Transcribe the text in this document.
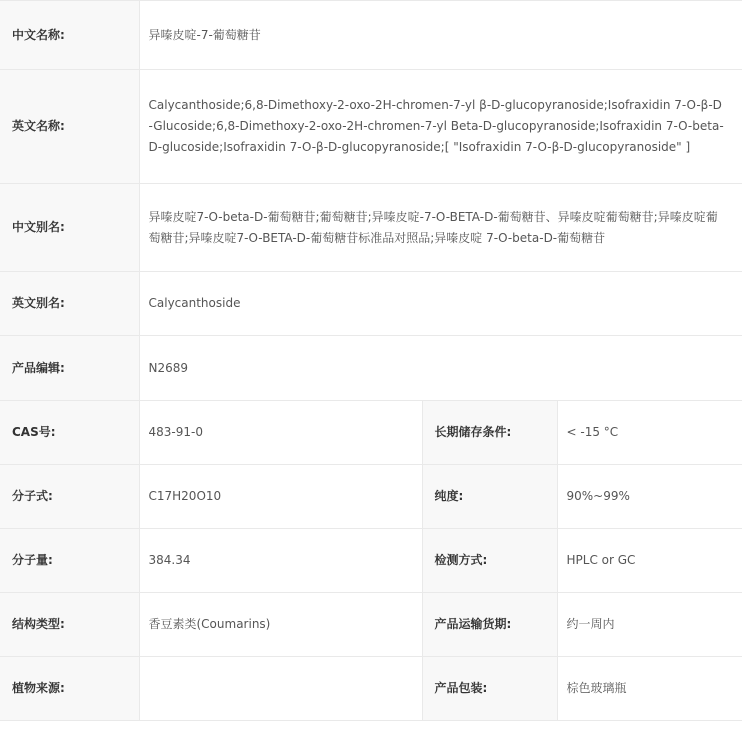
中文名称:	异嗪皮啶-7-葡萄糖苷		
英文名称:	Calycanthoside;6,8-Dimethoxy-2-oxo-2H-chromen-7-yl β-D-glucopyranoside;Isofraxidin 7-O-β-D-Glucoside;6,8-Dimethoxy-2-oxo-2H-chromen-7-yl Beta-D-glucopyranoside;Isofraxidin 7-O-beta-D-glucoside;Isofraxidin 7-O-β-D-glucopyranoside;[ "Isofraxidin 7-O-β-D-glucopyranoside" ]		
中文别名:	异嗪皮啶7-O-beta-D-葡萄糖苷;葡萄糖苷;异嗪皮啶-7-O-BETA-D-葡萄糖苷、异嗪皮啶葡萄糖苷;异嗪皮啶葡萄糖苷;异嗪皮啶7-O-BETA-D-葡萄糖苷标准品对照品;异嗪皮啶 7-O-beta-D-葡萄糖苷		
英文别名:	Calycanthoside		
产品编辑:	N2689		
CAS号:	483-91-0	长期储存条件:	< -15 °C
分子式:	C17H20O10	纯度:	90%~99%
分子量:	384.34	检测方式:	HPLC or GC
结构类型:	香豆素类(Coumarins)	产品运输货期:	约一周内
植物来源:		产品包装:	棕色玻璃瓶
